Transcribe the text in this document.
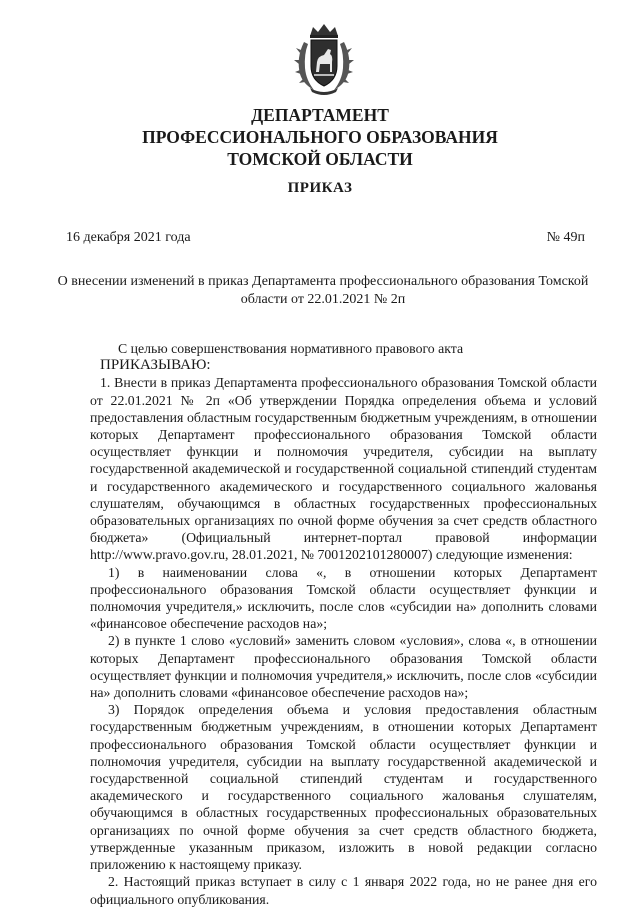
ДЕПАРТАМЕНТ
ПРОФЕССИОНАЛЬНОГО ОБРАЗОВАНИЯ
ТОМСКОЙ ОБЛАСТИ
ПРИКАЗ
16 декабря 2021 года	№ 49п
О внесении изменений в приказ Департамента профессионального образования Томской области от 22.01.2021 № 2п

С целью совершенствования нормативного правового акта

ПРИКАЗЫВАЮ:

1. Внести в приказ Департамента профессионального образования Томской области от 22.01.2021 № 2п «Об утверждении Порядка определения объема и условий предоставления областным государственным бюджетным учреждениям, в отношении которых Департамент профессионального образования Томской области осуществляет функции и полномочия учредителя, субсидии на выплату государственной академической и государственной социальной стипендий студентам и государственного академического и государственного социального жалованья слушателям, обучающимся в областных государственных профессиональных образовательных организациях по очной форме обучения за счет средств областного бюджета» (Официальный интернет-портал правовой информации http://www.pravo.gov.ru, 28.01.2021, № 7001202101280007) следующие изменения:

1) в наименовании слова «, в отношении которых Департамент профессионального образования Томской области осуществляет функции и полномочия учредителя,» исключить, после слов «субсидии на» дополнить словами «финансовое обеспечение расходов на»;

2) в пункте 1 слово «условий» заменить словом «условия», слова «, в отношении которых Департамент профессионального образования Томской области осуществляет функции и полномочия учредителя,» исключить, после слов «субсидии на» дополнить словами «финансовое обеспечение расходов на»;

3) Порядок определения объема и условия предоставления областным государственным бюджетным учреждениям, в отношении которых Департамент профессионального образования Томской области осуществляет функции и полномочия учредителя, субсидии на выплату государственной академической и государственной социальной стипендий студентам и государственного академического и государственного социального жалованья слушателям, обучающимся в областных государственных профессиональных образовательных организациях по очной форме обучения за счет средств областного бюджета, утвержденные указанным приказом, изложить в новой редакции согласно приложению к настоящему приказу.

2. Настоящий приказ вступает в силу с 1 января 2022 года, но не ранее дня его официального опубликования.
